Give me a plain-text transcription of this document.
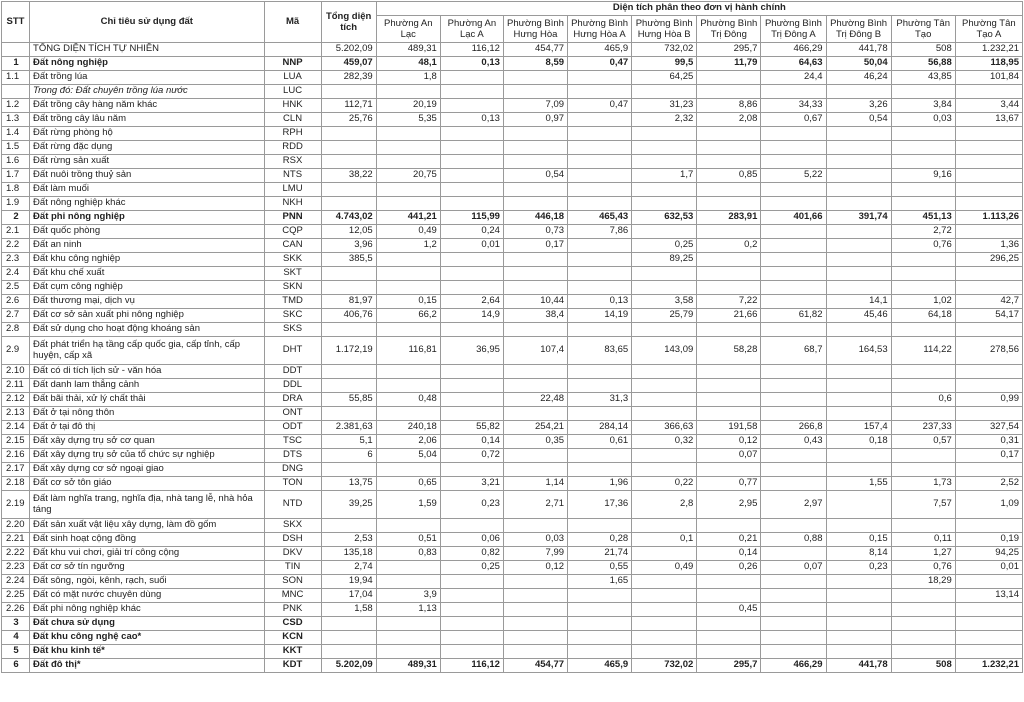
STT	Chỉ tiêu sử dụng đất	Mã	Tổng diện tích	Diện tích phân theo đơn vị hành chính									
				Phường An Lạc	Phường An Lạc A	Phường Bình Hưng Hòa	Phường Bình Hưng Hòa A	Phường Bình Hưng Hòa B	Phường Bình Trị Đông	Phường Bình Trị Đông A	Phường Bình Trị Đông B	Phường Tân Tạo	Phường Tân Tạo A
	TỔNG DIỆN TÍCH TỰ NHIÊN		5.202,09	489,31	116,12	454,77	465,9	732,02	295,7	466,29	441,78	508	1.232,21
1	Đất nông nghiệp	NNP	459,07	48,1	0,13	8,59	0,47	99,5	11,79	64,63	50,04	56,88	118,95
1.1	Đất trồng lúa	LUA	282,39	1,8				64,25		24,4	46,24	43,85	101,84
	Trong đó: Đất chuyên trồng lúa nước	LUC											
1.2	Đất trồng cây hàng năm khác	HNK	112,71	20,19		7,09	0,47	31,23	8,86	34,33	3,26	3,84	3,44
1.3	Đất trồng cây lâu năm	CLN	25,76	5,35	0,13	0,97		2,32	2,08	0,67	0,54	0,03	13,67
1.4	Đất rừng phòng hộ	RPH											
1.5	Đất rừng đặc dụng	RDD											
1.6	Đất rừng sản xuất	RSX											
1.7	Đất nuôi trồng thuỷ sản	NTS	38,22	20,75		0,54		1,7	0,85	5,22		9,16	
1.8	Đất làm muối	LMU											
1.9	Đất nông nghiệp khác	NKH											
2	Đất phi nông nghiệp	PNN	4.743,02	441,21	115,99	446,18	465,43	632,53	283,91	401,66	391,74	451,13	1.113,26
2.1	Đất quốc phòng	CQP	12,05	0,49	0,24	0,73	7,86					2,72	
2.2	Đất an ninh	CAN	3,96	1,2	0,01	0,17		0,25	0,2			0,76	1,36
2.3	Đất khu công nghiệp	SKK	385,5					89,25					296,25
2.4	Đất khu chế xuất	SKT											
2.5	Đất cụm công nghiệp	SKN											
2.6	Đất thương mại, dịch vụ	TMD	81,97	0,15	2,64	10,44	0,13	3,58	7,22		14,1	1,02	42,7
2.7	Đất cơ sở sản xuất phi nông nghiệp	SKC	406,76	66,2	14,9	38,4	14,19	25,79	21,66	61,82	45,46	64,18	54,17
2.8	Đất sử dụng cho hoạt động khoáng sản	SKS											
2.9	Đất phát triển hạ tầng cấp quốc gia, cấp tỉnh, cấp huyện, cấp xã	DHT	1.172,19	116,81	36,95	107,4	83,65	143,09	58,28	68,7	164,53	114,22	278,56
2.10	Đất có di tích lịch sử - văn hóa	DDT											
2.11	Đất danh lam thắng cảnh	DDL											
2.12	Đất bãi thải, xử lý chất thải	DRA	55,85	0,48		22,48	31,3					0,6	0,99
2.13	Đất ở tại nông thôn	ONT											
2.14	Đất ở tại đô thị	ODT	2.381,63	240,18	55,82	254,21	284,14	366,63	191,58	266,8	157,4	237,33	327,54
2.15	Đất xây dựng trụ sở cơ quan	TSC	5,1	2,06	0,14	0,35	0,61	0,32	0,12	0,43	0,18	0,57	0,31
2.16	Đất xây dựng trụ sở của tổ chức sự nghiệp	DTS	6	5,04	0,72				0,07				0,17
2.17	Đất xây dựng cơ sở ngoại giao	DNG											
2.18	Đất cơ sở tôn giáo	TON	13,75	0,65	3,21	1,14	1,96	0,22	0,77		1,55	1,73	2,52
2.19	Đất làm nghĩa trang, nghĩa địa, nhà tang lễ, nhà hỏa táng	NTD	39,25	1,59	0,23	2,71	17,36	2,8	2,95	2,97		7,57	1,09
2.20	Đất sản xuất vật liệu xây dựng, làm đồ gốm	SKX											
2.21	Đất sinh hoạt cộng đồng	DSH	2,53	0,51	0,06	0,03	0,28	0,1	0,21	0,88	0,15	0,11	0,19
2.22	Đất khu vui chơi, giải trí công cộng	DKV	135,18	0,83	0,82	7,99	21,74		0,14		8,14	1,27	94,25
2.23	Đất cơ sở tín ngưỡng	TIN	2,74		0,25	0,12	0,55	0,49	0,26	0,07	0,23	0,76	0,01
2.24	Đất sông, ngòi, kênh, rạch, suối	SON	19,94				1,65					18,29	
2.25	Đất có mặt nước chuyên dùng	MNC	17,04	3,9									13,14
2.26	Đất phi nông nghiệp khác	PNK	1,58	1,13					0,45				
3	Đất chưa sử dụng	CSD											
4	Đất khu công nghệ cao*	KCN											
5	Đất khu kinh tế*	KKT											
6	Đất đô thị*	KDT	5.202,09	489,31	116,12	454,77	465,9	732,02	295,7	466,29	441,78	508	1.232,21
